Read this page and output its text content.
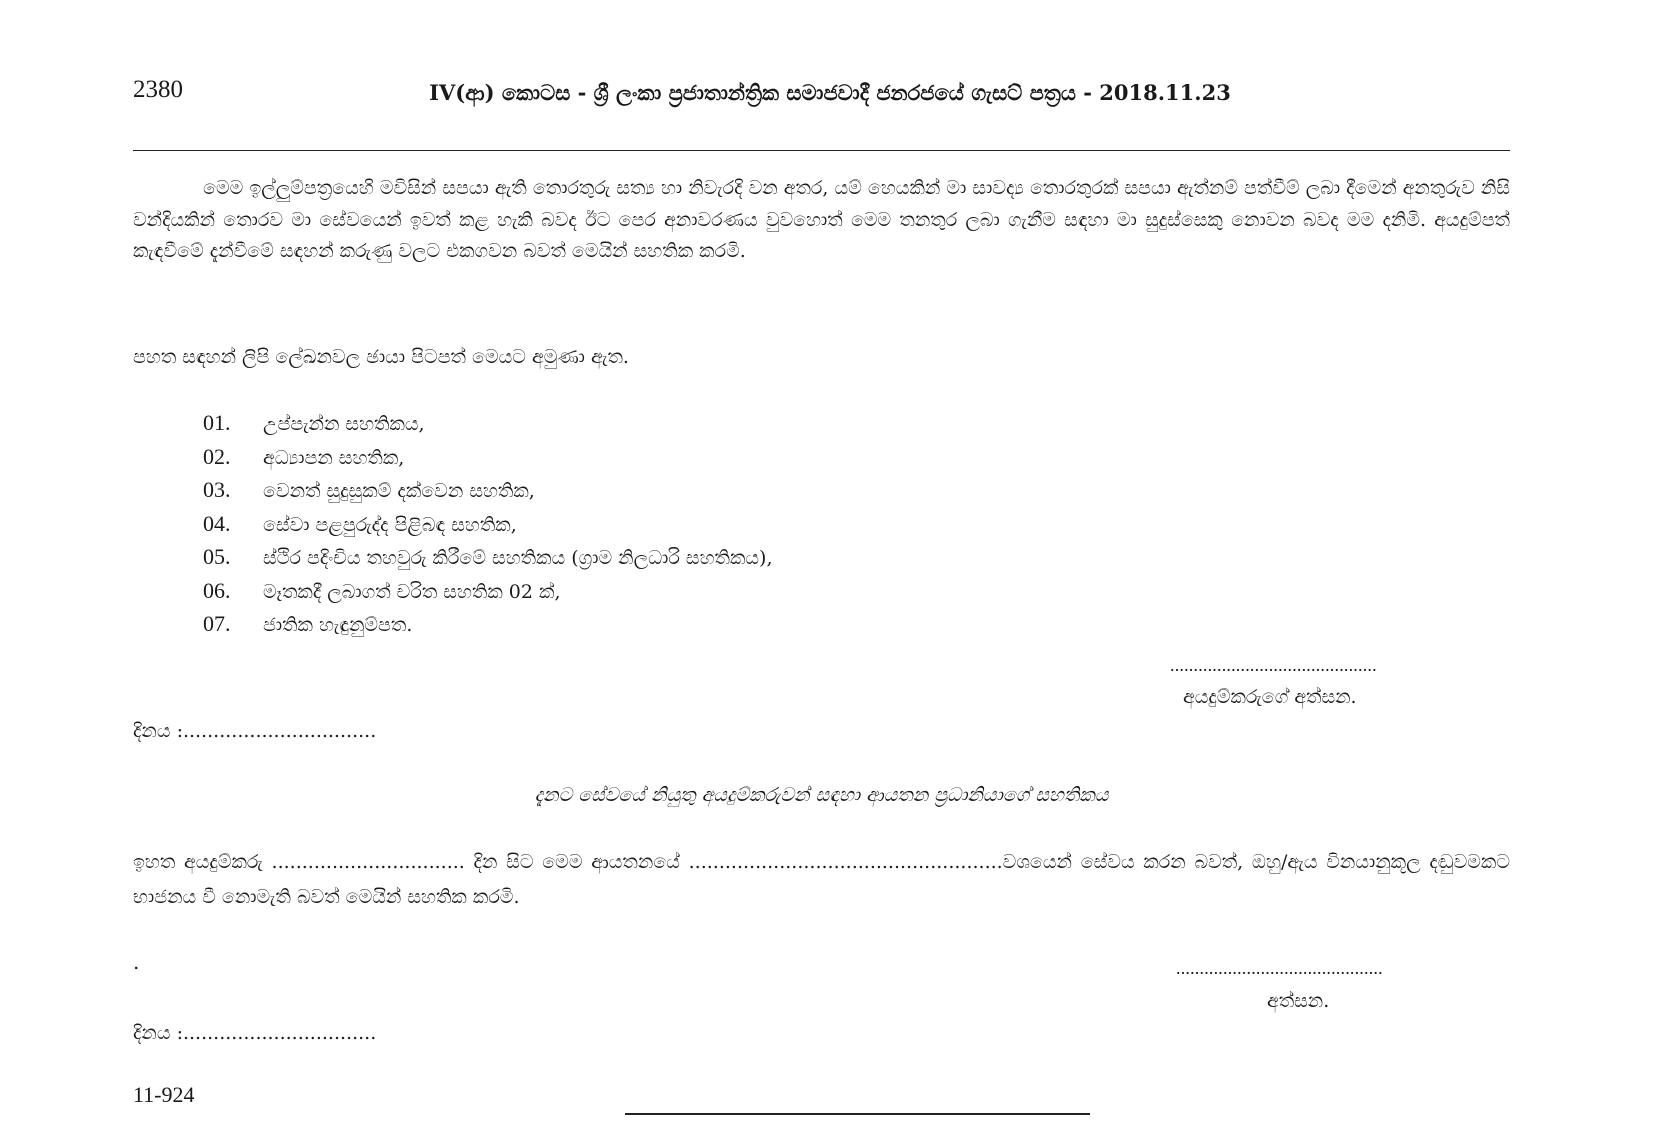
2380	IV(ආ) කොටස - ශ්‍රී ලංකා ප්‍රජාතාන්ත්‍රික සමාජවාදී ජනරජයේ ගැසට් පත්‍රය - 2018.11.23

මෙම ඉල්ලුම්පත්‍රයෙහි මවිසින් සපයා ඇති තොරතුරු සත්‍ය හා නිවැරදි වන අතර, යම් හෙයකින් මා සාවද්‍ය තොරතුරක් සපයා ඇත්නම් පත්වීම් ලබා දීමෙන් අනතුරුව නිසි වන්දියකින් තොරව මා සේවයෙන් ඉවත් කළ හැකි බවද ඊට පෙර අනාවරණය වුවහොත් මෙම තනතුර ලබා ගැනීම සඳහා මා සුදුස්සෙකු නොවන බවද මම දනිමි. අයදුම්පත් කැඳවීමේ දැන්වීමේ සඳහන් කරුණු වලට එකගවන බවත් මෙයින් සහතික කරමි.

පහත සඳහන් ලිපි ලේඛනවල ඡායා පිටපත් මෙයට අමුණා ඇත.

01. උප්පැන්න සහතිකය,
02. අධ්‍යාපන සහතික,
03. වෙනත් සුදුසුකම් දක්වෙන සහතික,
04. සේවා පළපුරුද්ද පිළිබඳ සහතික,
05. ස්ථිර පදිංචිය තහවුරු කිරීමේ සහතිකය (ග්‍රාම නිලධාරි සහතිකය),
06. මෑතකදී ලබාගත් චරිත සහතික 02 ක්,
07. ජාතික හැඳුනුම්පත.
............................................
අයදුම්කරුගේ අත්සන.
දිනය :................................
දැනට සේවයේ නියුතු අයදුම්කරුවන් සඳහා ආයතන ප්‍රධානියාගේ සහතිකය

ඉහත අයදුම්කරු ................................ දින සිට මෙම ආයතනයේ ....................................................වශයෙන් සේවය කරන බවත්, ඔහු/ඇය විනයානුකූල දඬුවමකට භාජනය වී නොමැති බවත් මෙයින් සහතික කරමි.

.	............................................
අත්සන.
දිනය :................................
11-924
